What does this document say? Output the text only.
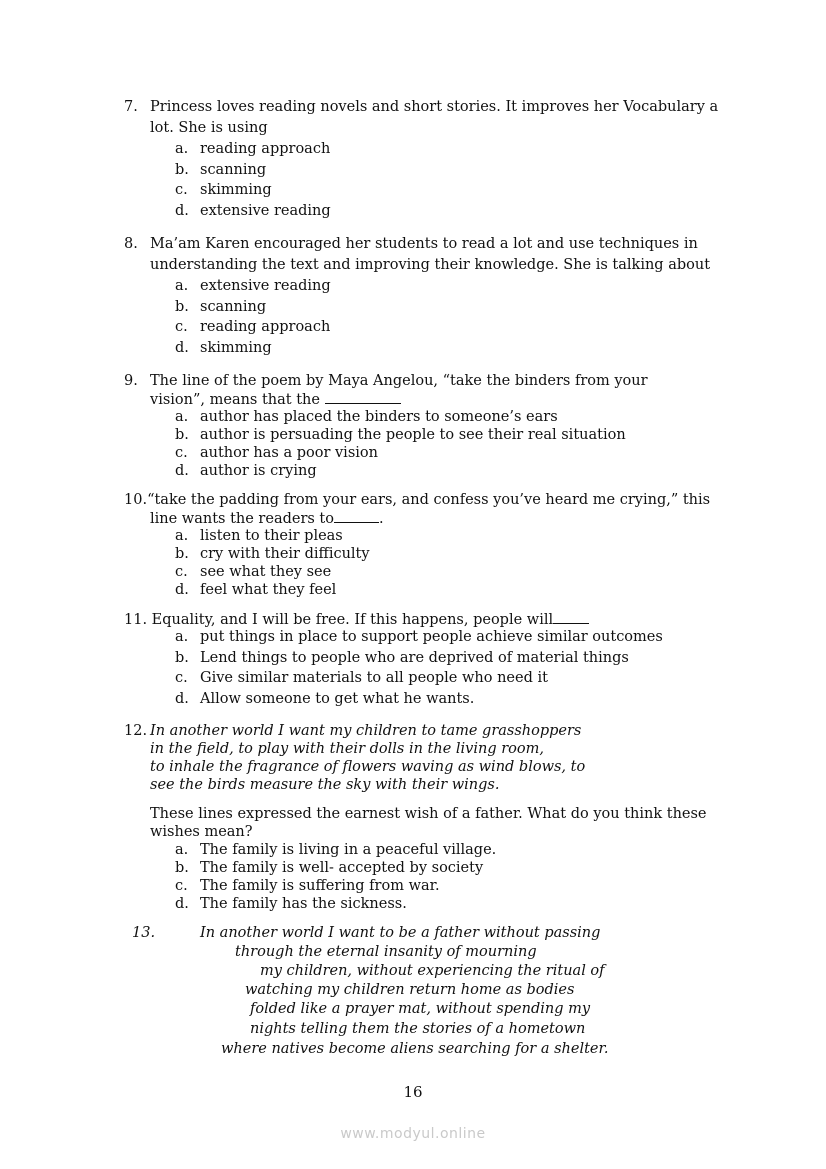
7. Princess loves reading novels and short stories. It improves her Vocabulary a
lot. She is using
a. reading approach
b. scanning
c. skimming
d. extensive reading
8. Ma’am Karen encouraged her students to read a lot and use techniques in
understanding the text and improving their knowledge. She is talking about
a. extensive reading
b. scanning
c. reading approach
d. skimming
9. The line of the poem by Maya Angelou, “take the binders from your
vision”, means that the
a. author has placed the binders to someone’s ears
b. author is persuading the people to see their real situation
c. author has a poor vision
d. author is crying
10.“take the padding from your ears, and confess you’ve heard me crying,” this
line wants the readers to	.
a. listen to their pleas
b. cry with their difficulty
c. see what they see
d. feel what they feel
11. Equality, and I will be free. If this happens, people will
a. put things in place to support people achieve similar outcomes
b. Lend things to people who are deprived of material things
c. Give similar materials to all people who need it
d. Allow someone to get what he wants.
12. In another world I want my children to tame grasshoppers
in the field, to play with their dolls in the living room,
to inhale the fragrance of flowers waving as wind blows, to
see the birds measure the sky with their wings.
These lines expressed the earnest wish of a father. What do you think these
wishes mean?
a. The family is living in a peaceful village.
b. The family is well- accepted by society
c. The family is suffering from war.
d. The family has the sickness.
13.	In another world I want to be a father without passing
through the eternal insanity of mourning
my children, without experiencing the ritual of
watching my children return home as bodies
folded like a prayer mat, without spending my
nights telling them the stories of a hometown
where natives become aliens searching for a shelter.
16
www.modyul.online
